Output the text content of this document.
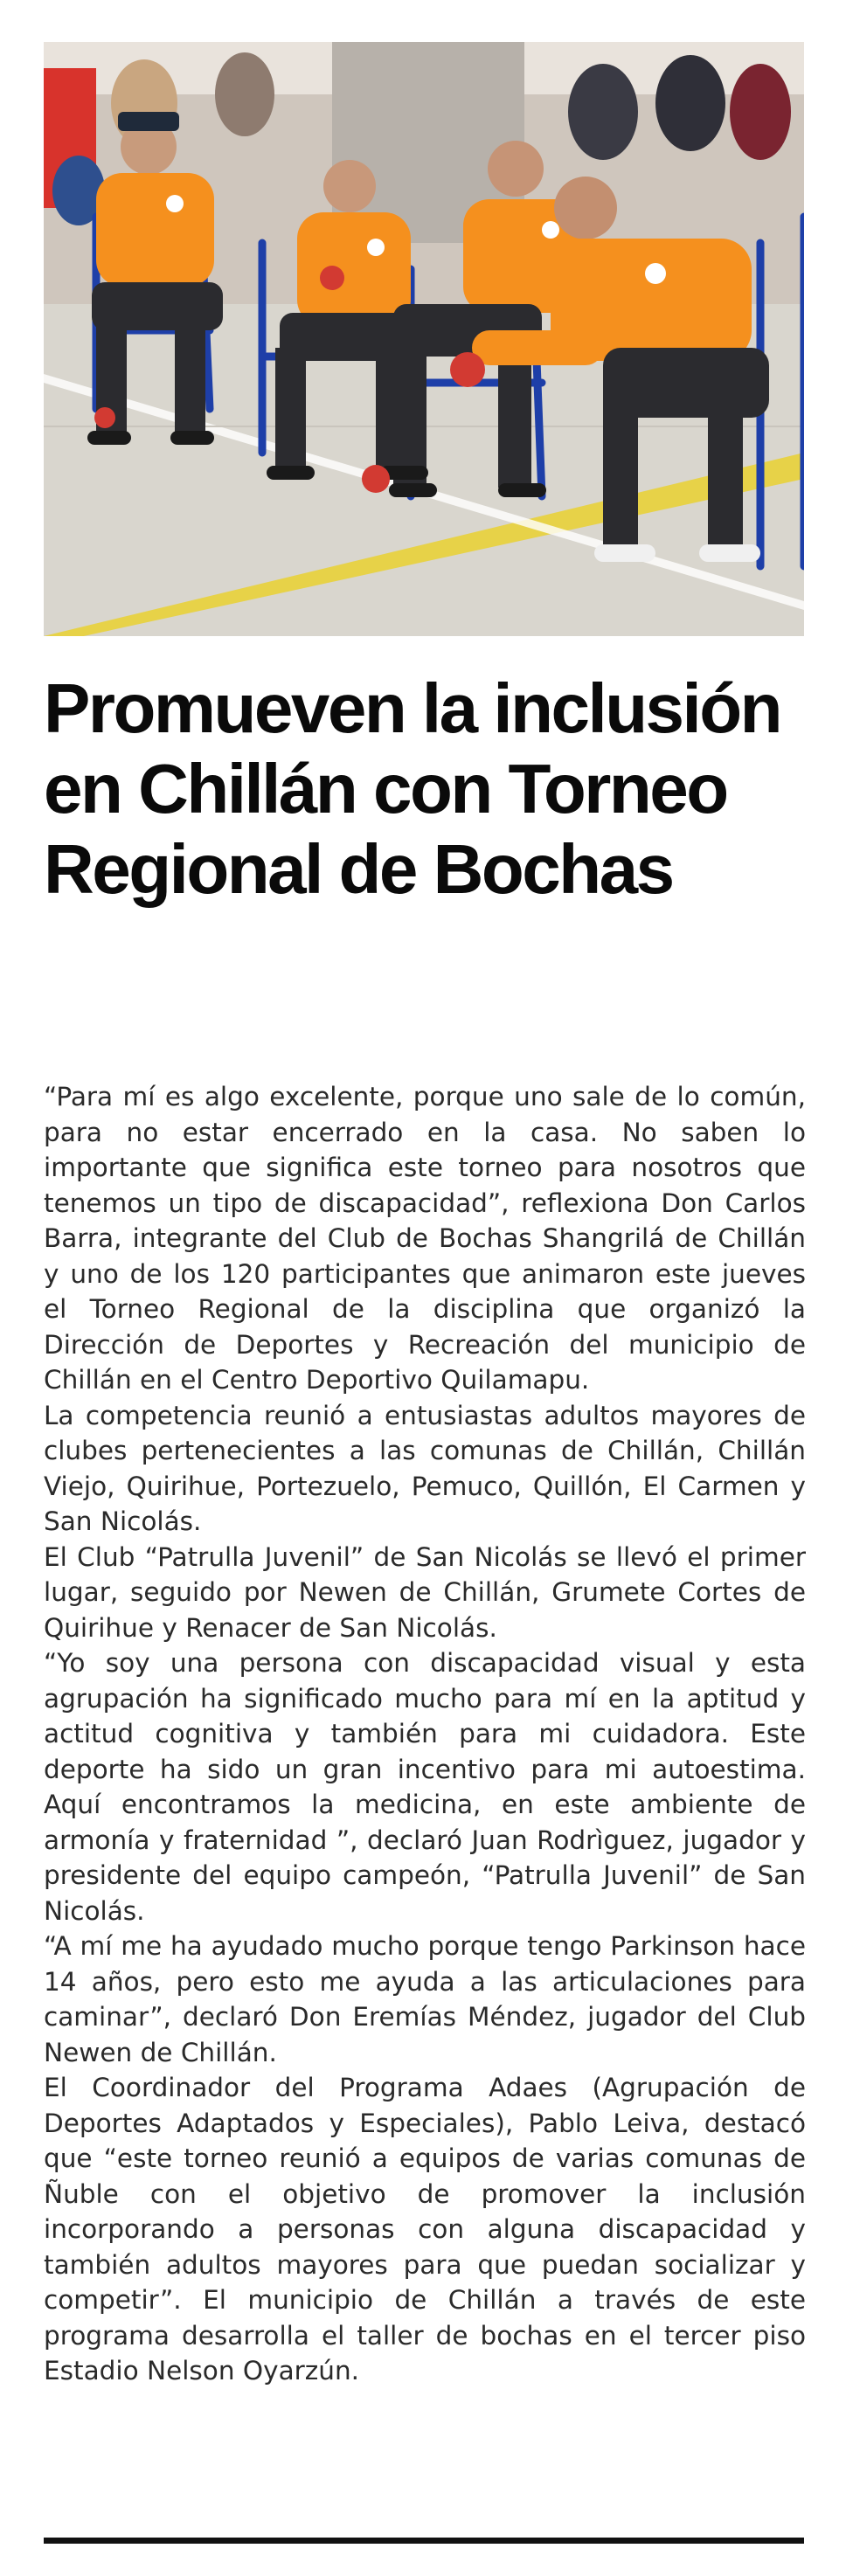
Promueven la inclusión en Chillán con Torneo Regional de Bochas

“Para mí es algo excelente, porque uno sale de lo común, para no estar encerrado en la casa. No saben lo importante que significa este torneo para nosotros que tenemos un tipo de discapacidad”, reflexiona Don Carlos Barra, integrante del Club de Bochas Shangrilá de Chillán y uno de los 120 participantes que animaron este jueves el Torneo Regional de la disciplina que organizó la Dirección de Deportes y Recreación del municipio de Chillán en el Centro Deportivo Quilamapu.

La competencia reunió a entusiastas adultos mayores de clubes pertenecientes a las comunas de Chillán, Chillán Viejo, Quirihue, Portezuelo, Pemuco, Quillón, El Carmen y San Nicolás.

El Club “Patrulla Juvenil” de San Nicolás se llevó el primer lugar, seguido por Newen de Chillán, Grumete Cortes de Quirihue y Renacer de San Nicolás.

“Yo soy una persona con discapacidad visual y esta agrupación ha significado mucho para mí en la aptitud y actitud cognitiva y también para mi cuidadora. Este deporte ha sido un gran incentivo para mi autoestima. Aquí encontramos la medicina, en este ambiente de armonía y fraternidad ”, declaró Juan Rodrìguez, jugador y presidente del equipo campeón, “Patrulla Juvenil” de San Nicolás.

“A mí me ha ayudado mucho porque tengo Parkinson hace 14 años, pero esto me ayuda a las articulaciones para caminar”, declaró Don Eremías Méndez, jugador del Club Newen de Chillán.

El Coordinador del Programa Adaes (Agrupación de Deportes Adaptados y Especiales), Pablo Leiva, destacó que “este torneo reunió a equipos de varias comunas de Ñuble con el objetivo de promover la inclusión incorporando a personas con alguna discapacidad y también adultos mayores para que puedan socializar y competir”. El municipio de Chillán a través de este programa desarrolla el taller de bochas en el tercer piso Estadio Nelson Oyarzún.
